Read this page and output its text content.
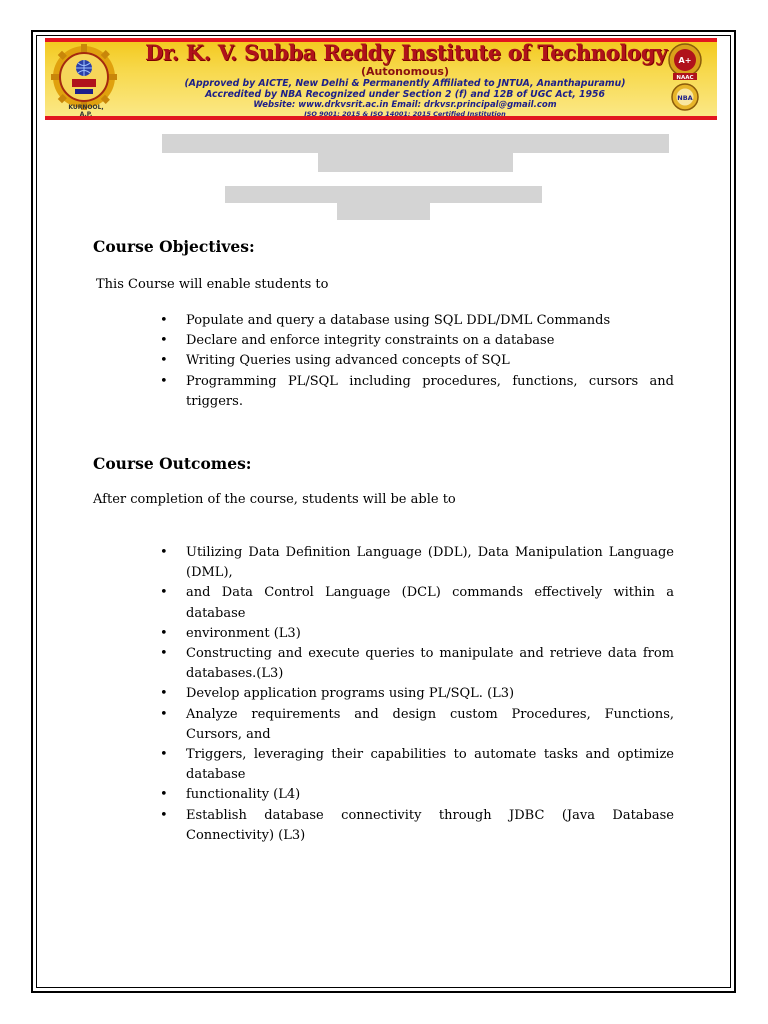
KURNOOL, A.P.
Dr. K. V. Subba Reddy Institute of Technology
(Autonomous)
(Approved by AICTE, New Delhi & Permanently Affiliated to JNTUA, Ananthapuramu)
Accredited by NBA Recognized under Section 2 (f) and 12B of UGC Act, 1956
Website: www.drkvsrit.ac.in Email: drkvsr.principal@gmail.com
ISO 9001: 2015 & ISO 14001: 2015 Certified Institution
A+
NAAC
NBA
Course Objectives:
This Course will enable students to
• Populate and query a database using SQL DDL/DML Commands
• Declare and enforce integrity constraints on a database
• Writing Queries using advanced concepts of SQL
• Programming PL/SQL including procedures, functions, cursors and triggers.
Course Outcomes:
After completion of the course, students will be able to
• Utilizing Data Definition Language (DDL), Data Manipulation Language (DML),
• and Data Control Language (DCL) commands effectively within a database
• environment (L3)
• Constructing and execute queries to manipulate and retrieve data from databases.(L3)
• Develop application programs using PL/SQL. (L3)
• Analyze requirements and design custom Procedures, Functions, Cursors, and
• Triggers, leveraging their capabilities to automate tasks and optimize database
• functionality (L4)
• Establish database connectivity through JDBC (Java Database Connectivity) (L3)
